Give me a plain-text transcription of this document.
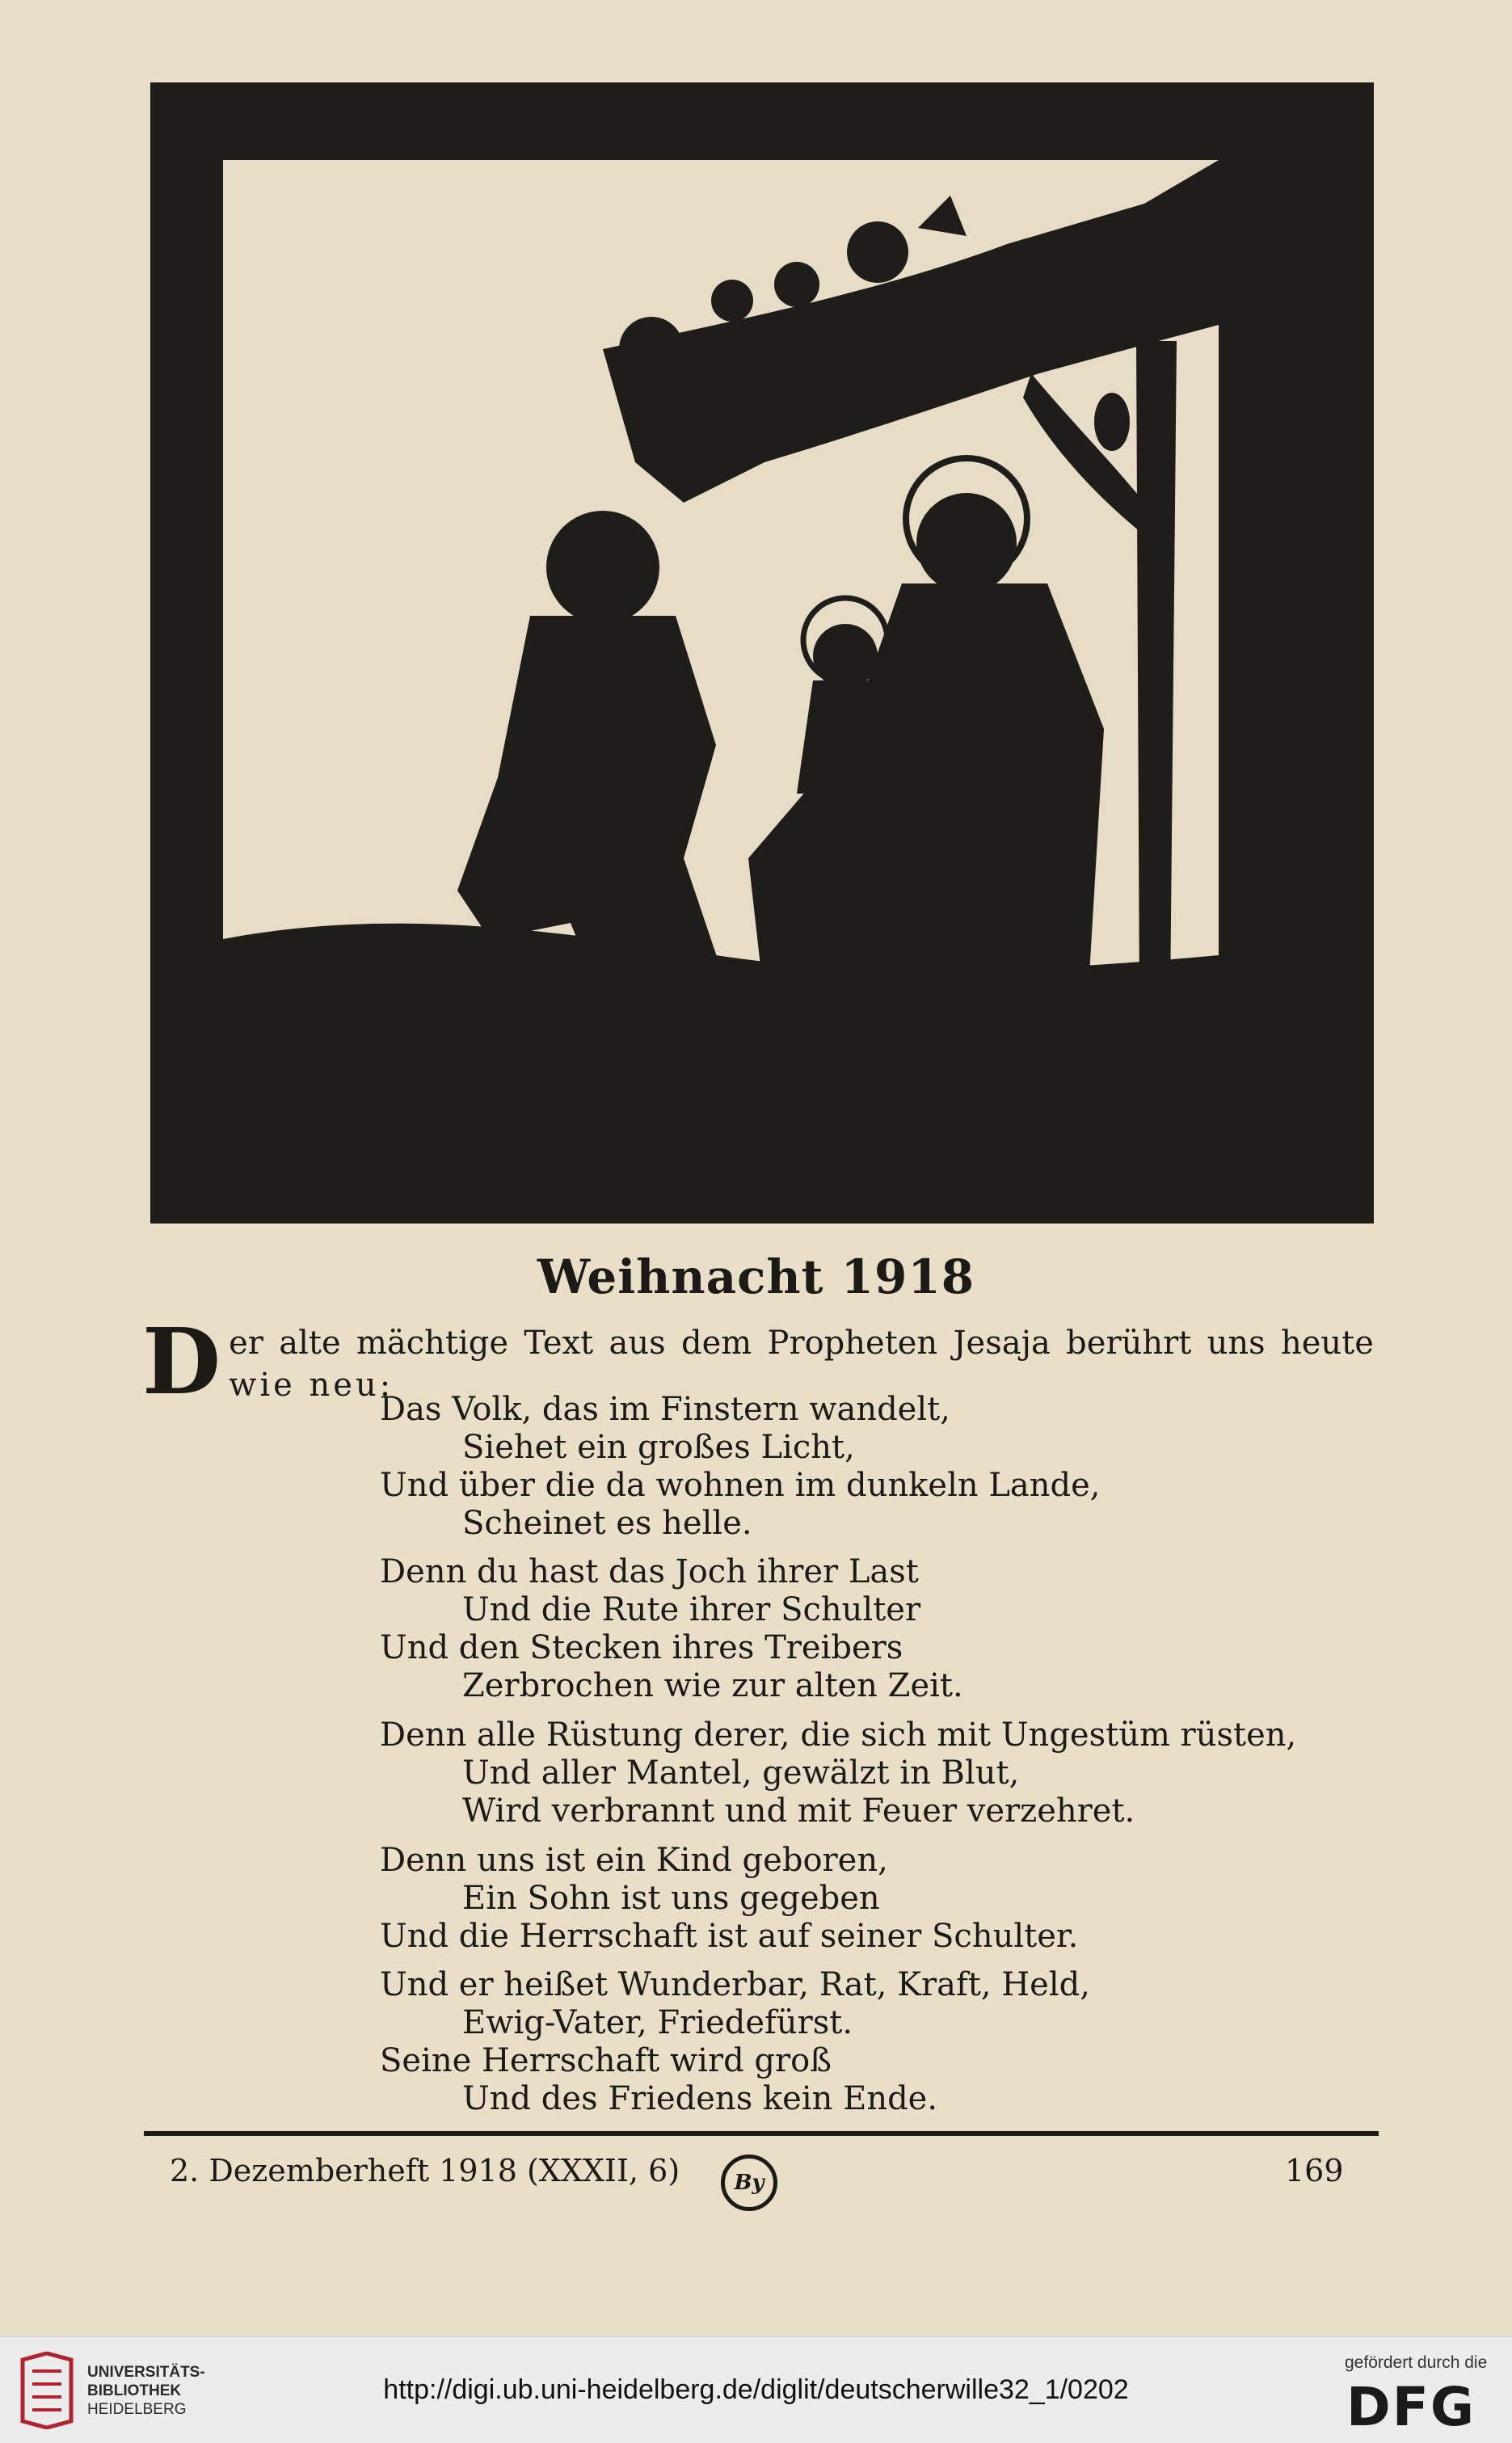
Weihnacht 1918
D er alte mächtige Text aus dem Propheten Jesaja berührt uns heute
wie neu:
Das Volk, das im Finstern wandelt,
Siehet ein großes Licht,
Und über die da wohnen im dunkeln Lande,
Scheinet es helle.
Denn du hast das Joch ihrer Last
Und die Rute ihrer Schulter
Und den Stecken ihres Treibers
Zerbrochen wie zur alten Zeit.
Denn alle Rüstung derer, die sich mit Ungestüm rüsten,
Und aller Mantel, gewälzt in Blut,
Wird verbrannt und mit Feuer verzehret.
Denn uns ist ein Kind geboren,
Ein Sohn ist uns gegeben
Und die Herrschaft ist auf seiner Schulter.
Und er heißet Wunderbar, Rat, Kraft, Held,
Ewig-Vater, Friedefürst.
Seine Herrschaft wird groß
Und des Friedens kein Ende.
2. Dezemberheft 1918 (XXXII, 6)	By	169
UNIVERSITÄTS-
BIBLIOTHEK
HEIDELBERG
http://digi.ub.uni-heidelberg.de/diglit/deutscherwille32_1/0202
gefördert durch die
DFG
